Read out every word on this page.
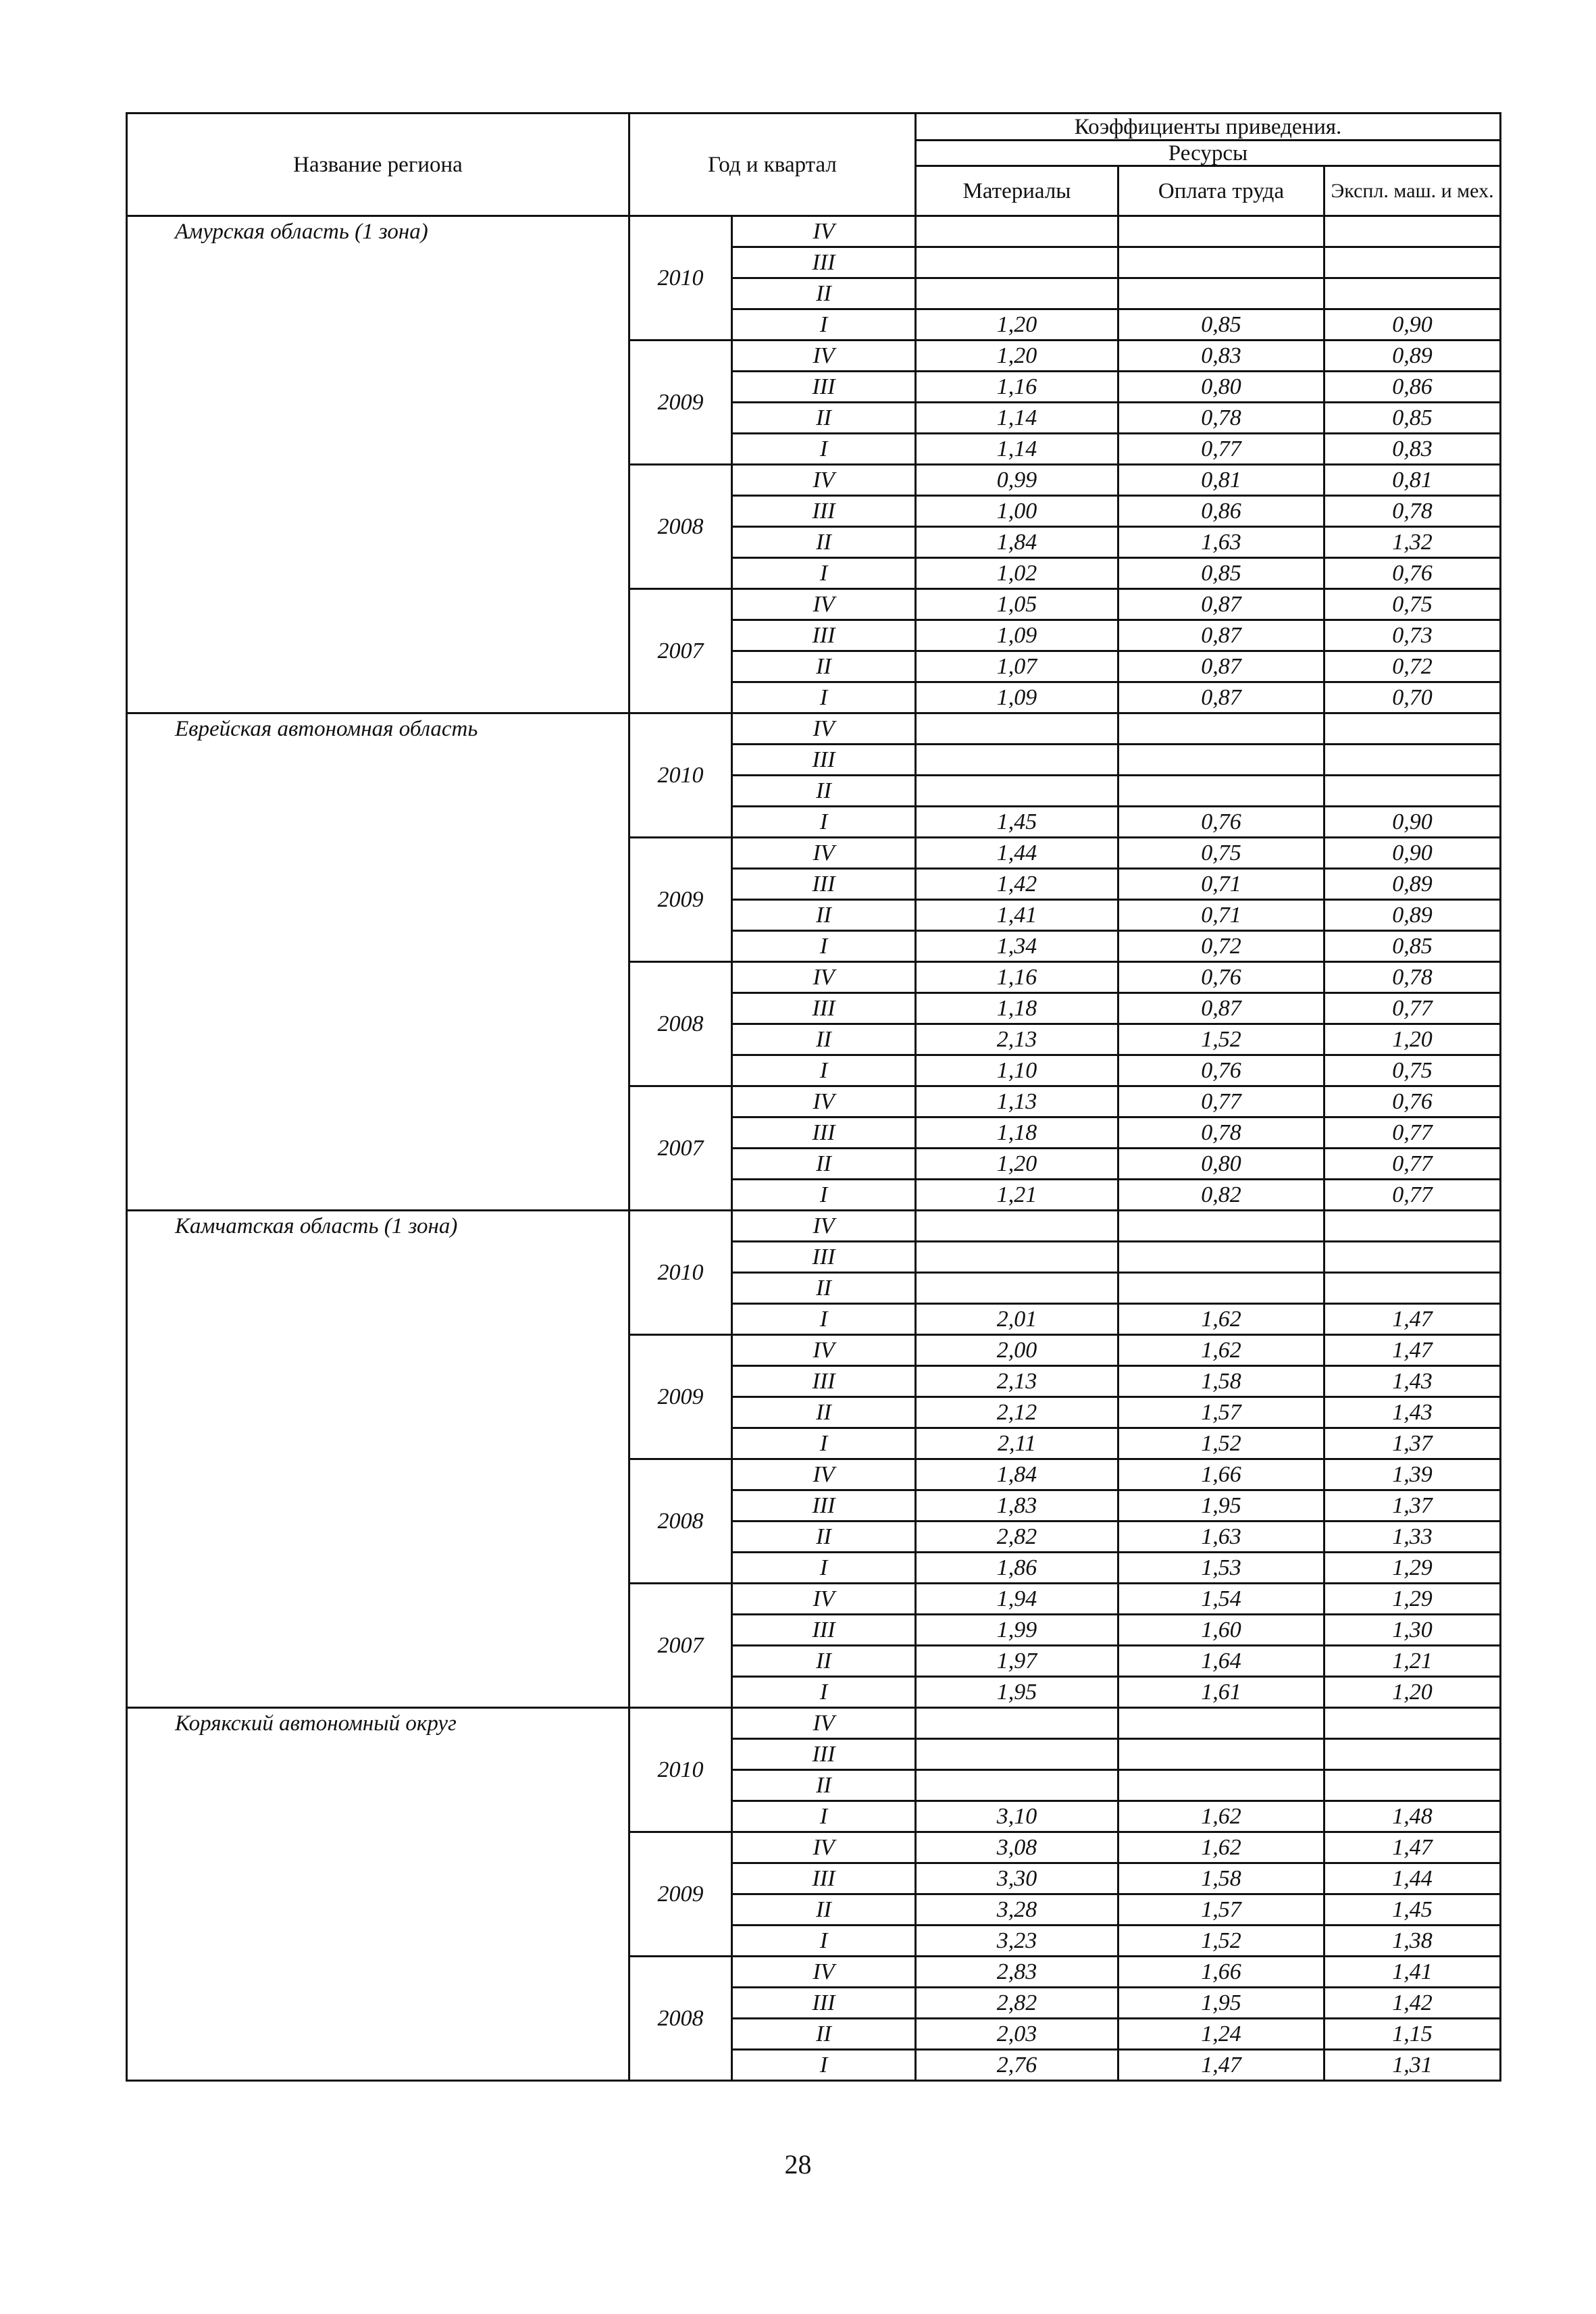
Название региона	Год и квартал		Коэффициенты приведения.		
			Ресурсы		
			Материалы	Оплата труда	Экспл. маш. и мех.
Амурская область (1 зона)	2010	IV			
		III			
		II			
		I	1,20	0,85	0,90
	2009	IV	1,20	0,83	0,89
		III	1,16	0,80	0,86
		II	1,14	0,78	0,85
		I	1,14	0,77	0,83
	2008	IV	0,99	0,81	0,81
		III	1,00	0,86	0,78
		II	1,84	1,63	1,32
		I	1,02	0,85	0,76
	2007	IV	1,05	0,87	0,75
		III	1,09	0,87	0,73
		II	1,07	0,87	0,72
		I	1,09	0,87	0,70
Еврейская автономная область	2010	IV			
		III			
		II			
		I	1,45	0,76	0,90
	2009	IV	1,44	0,75	0,90
		III	1,42	0,71	0,89
		II	1,41	0,71	0,89
		I	1,34	0,72	0,85
	2008	IV	1,16	0,76	0,78
		III	1,18	0,87	0,77
		II	2,13	1,52	1,20
		I	1,10	0,76	0,75
	2007	IV	1,13	0,77	0,76
		III	1,18	0,78	0,77
		II	1,20	0,80	0,77
		I	1,21	0,82	0,77
Камчатская область (1 зона)	2010	IV			
		III			
		II			
		I	2,01	1,62	1,47
	2009	IV	2,00	1,62	1,47
		III	2,13	1,58	1,43
		II	2,12	1,57	1,43
		I	2,11	1,52	1,37
	2008	IV	1,84	1,66	1,39
		III	1,83	1,95	1,37
		II	2,82	1,63	1,33
		I	1,86	1,53	1,29
	2007	IV	1,94	1,54	1,29
		III	1,99	1,60	1,30
		II	1,97	1,64	1,21
		I	1,95	1,61	1,20
Корякский автономный округ	2010	IV			
		III			
		II			
		I	3,10	1,62	1,48
	2009	IV	3,08	1,62	1,47
		III	3,30	1,58	1,44
		II	3,28	1,57	1,45
		I	3,23	1,52	1,38
	2008	IV	2,83	1,66	1,41
		III	2,82	1,95	1,42
		II	2,03	1,24	1,15
		I	2,76	1,47	1,31
28
